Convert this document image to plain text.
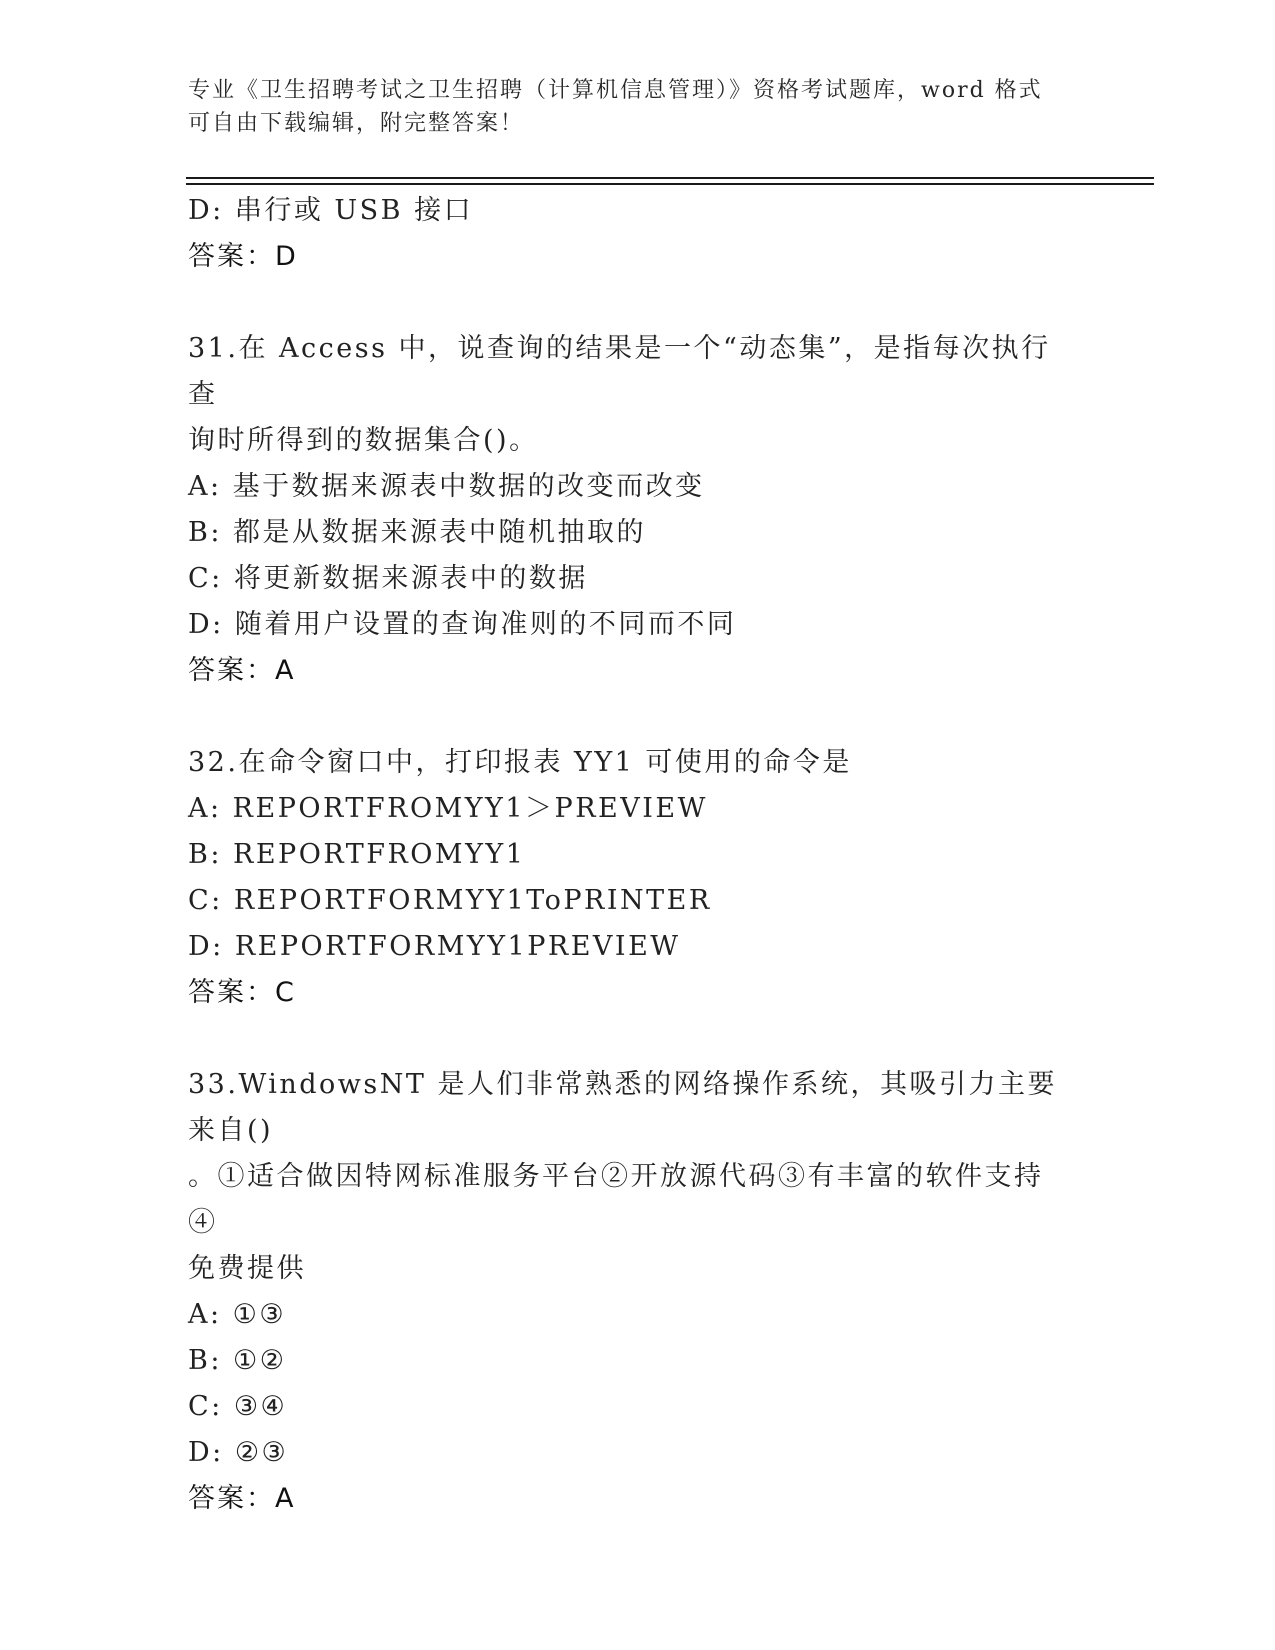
专业《卫生招聘考试之卫生招聘（计算机信息管理）》资格考试题库，word 格式
可自由下载编辑，附完整答案！
D: 串行或 USB 接口
答案：D
31.在 Access 中，说查询的结果是一个“动态集”，是指每次执行查
询时所得到的数据集合()。
A: 基于数据来源表中数据的改变而改变
B: 都是从数据来源表中随机抽取的
C: 将更新数据来源表中的数据
D: 随着用户设置的查询准则的不同而不同
答案：A
32.在命令窗口中，打印报表 YY1 可使用的命令是
A: REPORTFROMYY1＞PREVIEW
B: REPORTFROMYY1
C: REPORTFORMYY1ToPRINTER
D: REPORTFORMYY1PREVIEW
答案：C
33.WindowsNT 是人们非常熟悉的网络操作系统，其吸引力主要来自()
。①适合做因特网标准服务平台②开放源代码③有丰富的软件支持④
免费提供
A: ①③
B: ①②
C: ③④
D: ②③
答案：A
